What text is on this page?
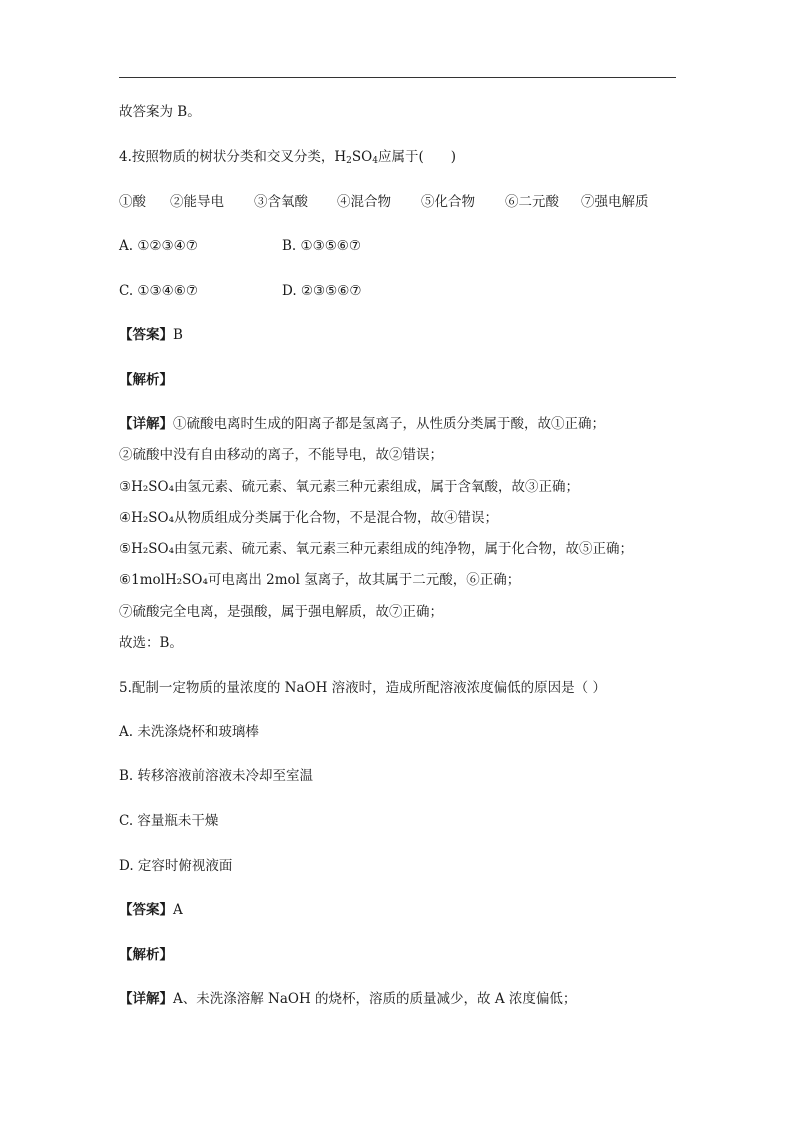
故答案为 B。
4.按照物质的树状分类和交叉分类，$H_2SO_4$应属于(　　)
①酸 ②能导电 ③含氧酸 ④混合物 ⑤化合物 ⑥二元酸 ⑦强电解质
A. ①②③④⑦	B. ①③⑤⑥⑦
C. ①③④⑥⑦	D. ②③⑤⑥⑦
【答案】B
【解析】
【详解】①硫酸电离时生成的阳离子都是氢离子，从性质分类属于酸，故①正确；
②硫酸中没有自由移动的离子，不能导电，故②错误；
③H₂SO₄由氢元素、硫元素、氧元素三种元素组成，属于含氧酸，故③正确；
④H₂SO₄从物质组成分类属于化合物，不是混合物，故④错误；
⑤H₂SO₄由氢元素、硫元素、氧元素三种元素组成的纯净物，属于化合物，故⑤正确；
⑥1molH₂SO₄可电离出 2mol 氢离子，故其属于二元酸，⑥正确；
⑦硫酸完全电离，是强酸，属于强电解质，故⑦正确；
故选：B。
5.配制一定物质的量浓度的 NaOH 溶液时，造成所配溶液浓度偏低的原因是（ ）
A. 未洗涤烧杯和玻璃棒
B. 转移溶液前溶液未冷却至室温
C. 容量瓶未干燥
D. 定容时俯视液面
【答案】A
【解析】
【详解】A、未洗涤溶解 NaOH 的烧杯，溶质的质量减少，故 A 浓度偏低；
